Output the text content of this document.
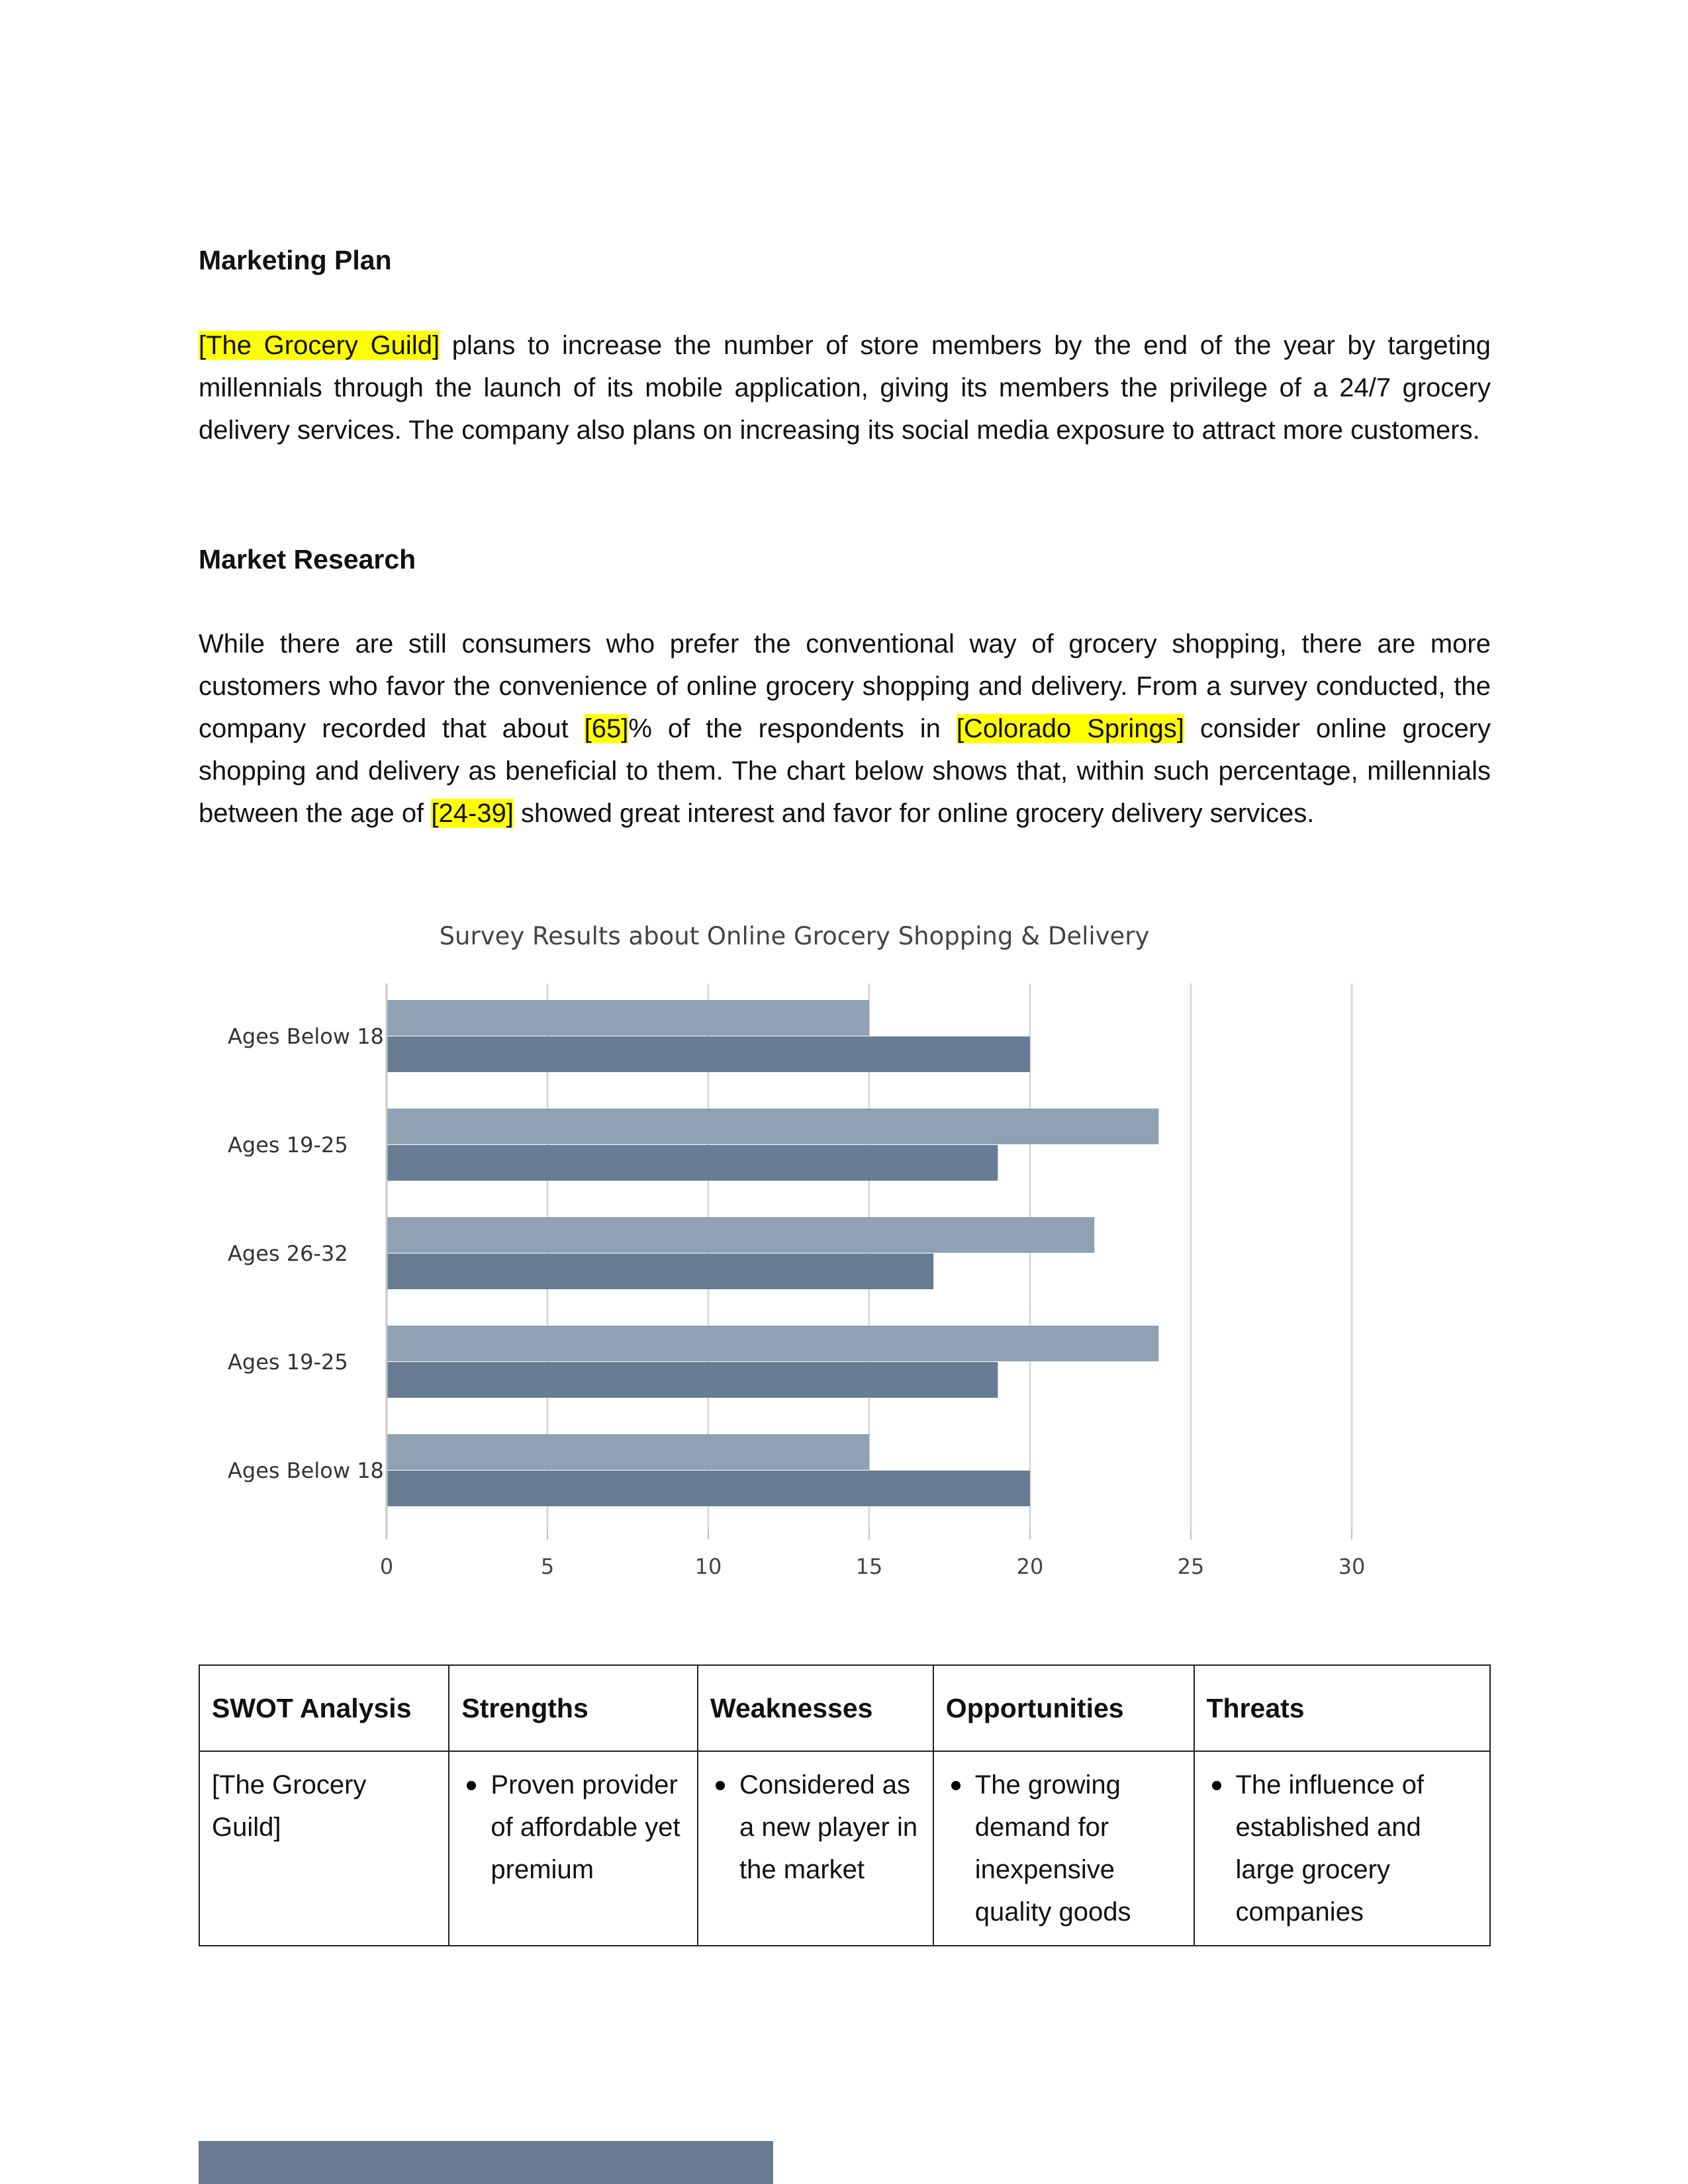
Marketing Plan

[The Grocery Guild] plans to increase the number of store members by the end of the year by targeting millennials through the launch of its mobile application, giving its members the privilege of a 24/7 grocery delivery services. The company also plans on increasing its social media exposure to attract more customers.

Market Research

While there are still consumers who prefer the conventional way of grocery shopping, there are more customers who favor the convenience of online grocery shopping and delivery. From a survey conducted, the company recorded that about [65]% of the respondents in [Colorado Springs] consider online grocery shopping and delivery as beneficial to them. The chart below shows that, within such percentage, millennials between the age of [24-39] showed great interest and favor for online grocery delivery services.

Survey Results about Online Grocery Shopping & Delivery
Ages Below 18
Ages 19-25
Ages 26-32
Ages 19-25
Ages Below 18
0	5	10	15	20	25	30
SWOT Analysis	Strengths	Weaknesses	Opportunities	Threats
[The Grocery Guild]	Proven provider of affordable yet premium	Considered as a new player in the market	The growing demand for inexpensive quality goods	The influence of established and large grocery companies
